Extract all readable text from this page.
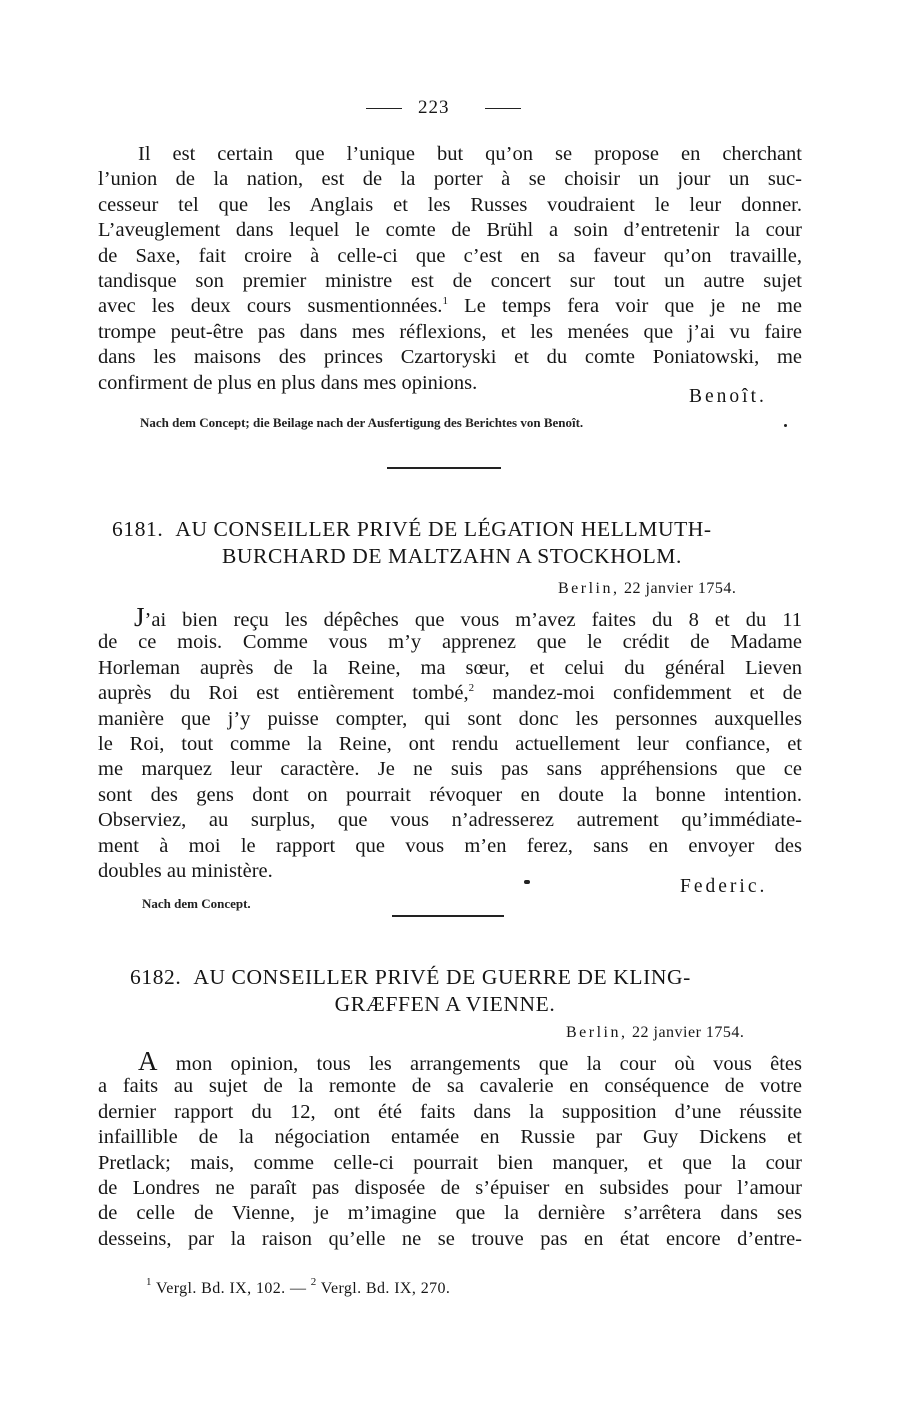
223
Il est certain que l’unique but qu’on se propose en cherchant
l’union de la nation, est de la porter à se choisir un jour un suc-
cesseur tel que les Anglais et les Russes voudraient le leur donner.
L’aveuglement dans lequel le comte de Brühl a soin d’entretenir la cour
de Saxe, fait croire à celle-ci que c’est en sa faveur qu’on travaille,
tandisque son premier ministre est de concert sur tout un autre sujet
avec les deux cours susmentionnées.$^1$ Le temps fera voir que je ne me
trompe peut-être pas dans mes réflexions, et les menées que j’ai vu faire
dans les maisons des princes Czartoryski et du comte Poniatowski, me
confirment de plus en plus dans mes opinions.
Benoît.
Nach dem Concept; die Beilage nach der Ausfertigung des Berichtes von Benoît.
6181. AU CONSEILLER PRIVÉ DE LÉGATION HELLMUTH-
BURCHARD DE MALTZAHN A STOCKHOLM.
Berlin, 22 janvier 1754.
J’ai bien reçu les dépêches que vous m’avez faites du 8 et du 11
de ce mois. Comme vous m’y apprenez que le crédit de Madame
Horleman auprès de la Reine, ma sœur, et celui du général Lieven
auprès du Roi est entièrement tombé,$^2$ mandez-moi confidemment et de
manière que j’y puisse compter, qui sont donc les personnes auxquelles
le Roi, tout comme la Reine, ont rendu actuellement leur confiance, et
me marquez leur caractère. Je ne suis pas sans appréhensions que ce
sont des gens dont on pourrait révoquer en doute la bonne intention.
Observiez, au surplus, que vous n’adresserez autrement qu’immédiate-
ment à moi le rapport que vous m’en ferez, sans en envoyer des
doubles au ministère.
Federic.
Nach dem Concept.
6182. AU CONSEILLER PRIVÉ DE GUERRE DE KLING-
GRÆFFEN A VIENNE.
Berlin, 22 janvier 1754.
A mon opinion, tous les arrangements que la cour où vous êtes
a faits au sujet de la remonte de sa cavalerie en conséquence de votre
dernier rapport du 12, ont été faits dans la supposition d’une réussite
infaillible de la négociation entamée en Russie par Guy Dickens et
Pretlack; mais, comme celle-ci pourrait bien manquer, et que la cour
de Londres ne paraît pas disposée de s’épuiser en subsides pour l’amour
de celle de Vienne, je m’imagine que la dernière s’arrêtera dans ses
desseins, par la raison qu’elle ne se trouve pas en état encore d’entre-
$^1$ Vergl. Bd. IX, 102. — $^2$ Vergl. Bd. IX, 270.
